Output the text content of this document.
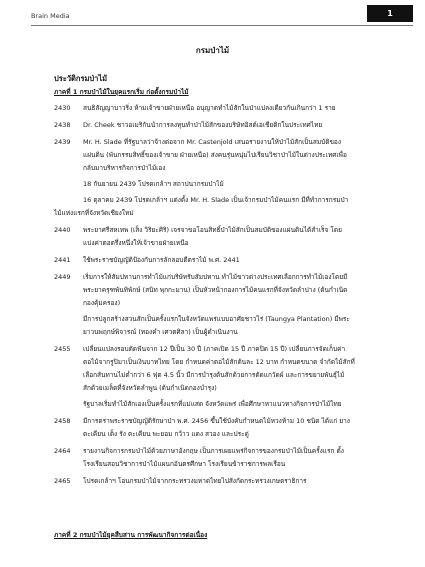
Brain Media	1
กรมป่าไม้
ประวัติกรมป่าไม้
ภาคที่ 1 กรมป่าไม้ในยุคแรกเริ่ม ก่อตั้งกรมป่าไม้
2430	สนธิสัญญาบาวริ่ง ห้ามเจ้าขายฝ่ายเหนือ อนุญาตทำไม้สักในป่าแปลงเดียวกันเกินกว่า 1 ราย
2438	Dr. Cheek ชาวอเมริกันนำการลงทุนทำป่าไม้สักของบริษัทอิสต์เอเชียติกในประเทศไทย
2439	Mr. H. Slade ที่รัฐบาลว่าจ้างต่อจาก Mr. Castenjold เสนอรายงานให้ป่าไม้สักเป็นสมบัติของ
แผ่นดิน (พันกรรมสิทธิ์ของเจ้าขาย ฝ่ายเหนือ) ส่งคนรุ่นหนุ่มไปเรียนวิชาป่าไม้ในต่างประเทศเพื่อ
กลับมาบริหารกิจการป่าไม้เอง
18 กันยายน 2439 โปรดเกล้าฯ สถาปนากรมป่าไม้
16 ตุลาคม 2439 โปรดเกล้าฯ แต่งตั้ง Mr. H. Slade เป็นเจ้ากรมป่าไม้คนแรก มีที่ทำการกรมป่า
ไม้แห่งแรกที่จังหวัดเชียงใหม่
2440	พระยาศรีสหเทพ (เส็ง วิริยะศิริ) เจรจาขอโอนสิทธิ์ป่าไม้สักเป็นสมบัติของแผ่นดินได้สำเร็จ โดย
แบ่งค่าตอตรึ่งหนึ่งให้เจ้าขายฝ่ายเหนือ
2441	ใช้พระราชบัญญัติป้องกันการลักลอบตีตราไม้ พ.ศ. 2441
2449	เริ่มการให้สัมปทานการทำไม้แก่บริษัทรับสัมปทาน ทำไม้ขาวต่างประเทศเลือกการทำไม้เองโดยมี
พระยาครุฑพันทิพักษ์ (สนิท พุกกะมาน) เป็นหัวหน้ากองการไม้คนแรกที่จังหวัดลำปาง (ต้นกำเนิด
กองคุ้มครอง)
มีการปลูกสร้างสวนสักเป็นครั้งแรกในจังหวัดแพร่แบบอาศัยชาวไร่ (Taungya Plantation) มีพระ
ยาวนพฤกษ์พิจารณ์ (ทองคำ เศวตศิลา) เป็นผู้ดำเนินงาน
2455	เปลี่ยนแปลงรอบตัดฟันจาก 12 ปีเป็น 30 ปี (ภาคเปิด 15 ปี ภาคปิด 15 ปี) เปลี่ยนการจัดเก็บค่า
ตอไม้จากรูปิมาเป็นเงินบาทไทย โดย กำหนดค่าตอไม้สักต้นละ 12 บาท กำหนดขนาด จำกัดไม้สักที่
เลือกสันทานไม่ต่ำกว่า 6 ฟุต 4.5 นิ้ว มีการบำรุงต้นสักด้วยการตัดแกวัดผ์ และการขยายพันธุ์ไม้
สักด้วยเมล็ดที่จังหวัดลำพูน (ต้นกำเนิดกองบำรุง)
รัฐบาลเริ่มทำไม้สักเองเป็นครั้งแรกที่แม่แสด จังหวัดแพร่ เพื่อศึกษาหาแนวทางกิจการป่าไม้ไทย
2458	มีการตราพระราชบัญญัติรักษาป่า พ.ศ. 2456 ขึ้นใช้บังคับกำหนดไม้หวงห้าม 10 ชนิด ได้แก่ ยาง
ตะเคียน เต็ง รัง ตะเคียน พะยอม กว้าว แดง สวอง และประดู่
2464	รายงานกิจการกรมป่าไม้ด้วยภาษาอังกฤษ เป็นการเผยแพร่กิจการของกรมป่าไม้เป็นครั้งแรก ตั้ง
โรงเรียนสอนวิชาการป่าไม้แผนกอันตรศึกษา โรงเรียนข้าราชการพลเรือน
2465	โปรดเกล้าฯ โอนกรมป่าไม้จากกระทรวงมหาดไทยไปสังกัดกระทรวงเกษตราธิการ
ภาคที่ 2 กรมป่าไม้ยุคสืบสาน การพัฒนากิจการต่อเนื่อง
